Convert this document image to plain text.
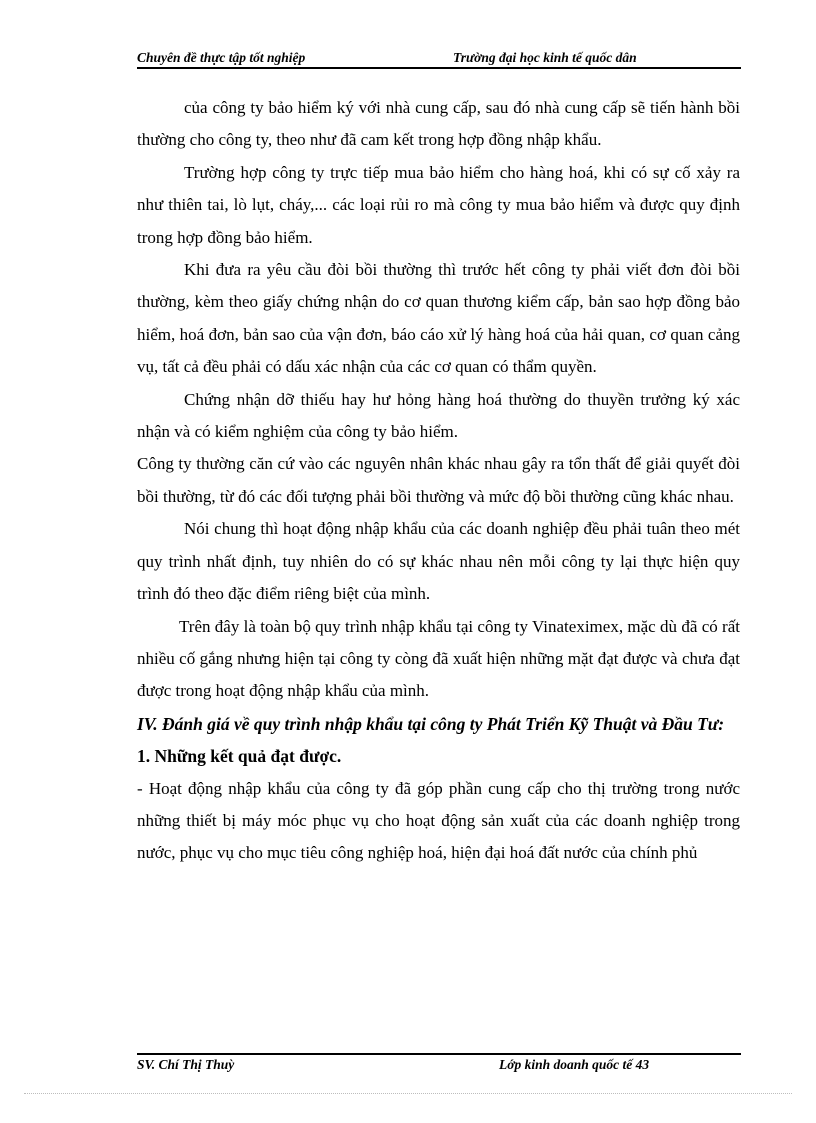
Chuyên đề thực tập tốt nghiệp	Trường đại học kinh tế quốc dân

của công ty bảo hiểm ký với nhà cung cấp, sau đó nhà cung cấp sẽ tiến hành bồi thường cho công ty, theo như đã cam kết trong hợp đồng nhập khẩu.

Trường hợp công ty trực tiếp mua bảo hiểm cho hàng hoá, khi có sự cố xảy ra như thiên tai, lò lụt, cháy,... các loại rủi ro mà công ty mua bảo hiểm và được quy định trong hợp đồng bảo hiểm.

Khi đưa ra yêu cầu đòi bồi thường thì trước hết công ty phải viết đơn đòi bồi thường, kèm theo giấy chứng nhận do cơ quan thương kiểm cấp, bản sao hợp đồng bảo hiểm, hoá đơn, bản sao của vận đơn, báo cáo xử lý hàng hoá của hải quan, cơ quan cảng vụ, tất cả đều phải có dấu xác nhận của các cơ quan có thẩm quyền.

Chứng nhận dỡ thiếu hay hư hỏng hàng hoá thường do thuyền trưởng ký xác nhận và có kiểm nghiệm của công ty bảo hiểm.

Công ty thường căn cứ vào các nguyên nhân khác nhau gây ra tổn thất để giải quyết đòi bồi thường, từ đó các đối tượng phải bồi thường và mức độ bồi thường cũng khác nhau.

Nói chung thì hoạt động nhập khẩu của các doanh nghiệp đều phải tuân theo mét quy trình nhất định, tuy nhiên do có sự khác nhau nên mỗi công ty lại thực hiện quy trình đó theo đặc điểm riêng biệt của mình.

Trên đây là toàn bộ quy trình nhập khẩu tại công ty Vinateximex, mặc dù đã có rất nhiều cố gắng nhưng hiện tại công ty còng đã xuất hiện những mặt đạt được và chưa đạt được trong hoạt động nhập khẩu của mình.

IV. Đánh giá về quy trình nhập khẩu tại công ty Phát Triển Kỹ Thuật và Đầu Tư:

1. Những kết quả đạt được.

- Hoạt động nhập khẩu của công ty đã góp phần cung cấp cho thị trường trong nước những thiết bị máy móc phục vụ cho hoạt động sản xuất của các doanh nghiệp trong nước, phục vụ cho mục tiêu công nghiệp hoá, hiện đại hoá đất nước của chính phủ

SV. Chí Thị Thuỳ	Lớp kinh doanh quốc tế 43
